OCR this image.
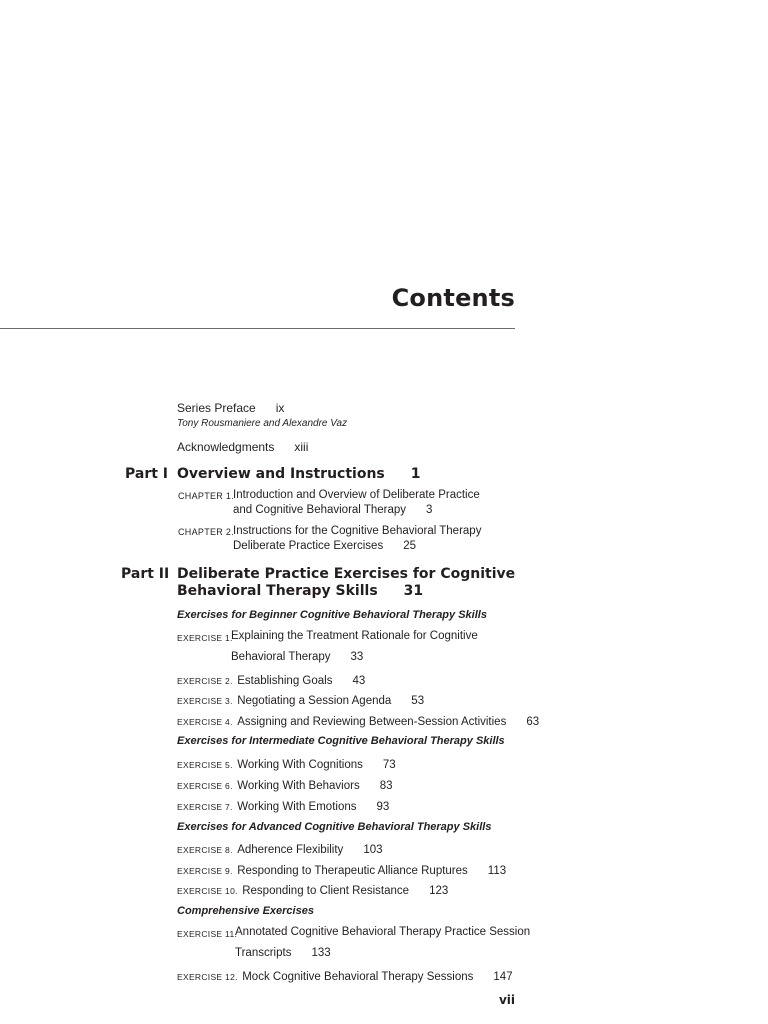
Contents
Series Preface ix
Tony Rousmaniere and Alexandre Vaz
Acknowledgments xiii
Part I Overview and Instructions 1
CHAPTER 1.
Introduction and Overview of Deliberate Practice
and Cognitive Behavioral Therapy 3
CHAPTER 2.
Instructions for the Cognitive Behavioral Therapy
Deliberate Practice Exercises 25
Part II Deliberate Practice Exercises for Cognitive
Behavioral Therapy Skills 31
Exercises for Beginner Cognitive Behavioral Therapy Skills
EXERCISE 1.
Explaining the Treatment Rationale for Cognitive
Behavioral Therapy 33
EXERCISE 2. Establishing Goals 43
EXERCISE 3. Negotiating a Session Agenda 53
EXERCISE 4. Assigning and Reviewing Between-Session Activities 63
Exercises for Intermediate Cognitive Behavioral Therapy Skills
EXERCISE 5. Working With Cognitions 73
EXERCISE 6. Working With Behaviors 83
EXERCISE 7. Working With Emotions 93
Exercises for Advanced Cognitive Behavioral Therapy Skills
EXERCISE 8. Adherence Flexibility 103
EXERCISE 9. Responding to Therapeutic Alliance Ruptures 113
EXERCISE 10. Responding to Client Resistance 123
Comprehensive Exercises
EXERCISE 11.
Annotated Cognitive Behavioral Therapy Practice Session
Transcripts 133
EXERCISE 12. Mock Cognitive Behavioral Therapy Sessions 147
vii
